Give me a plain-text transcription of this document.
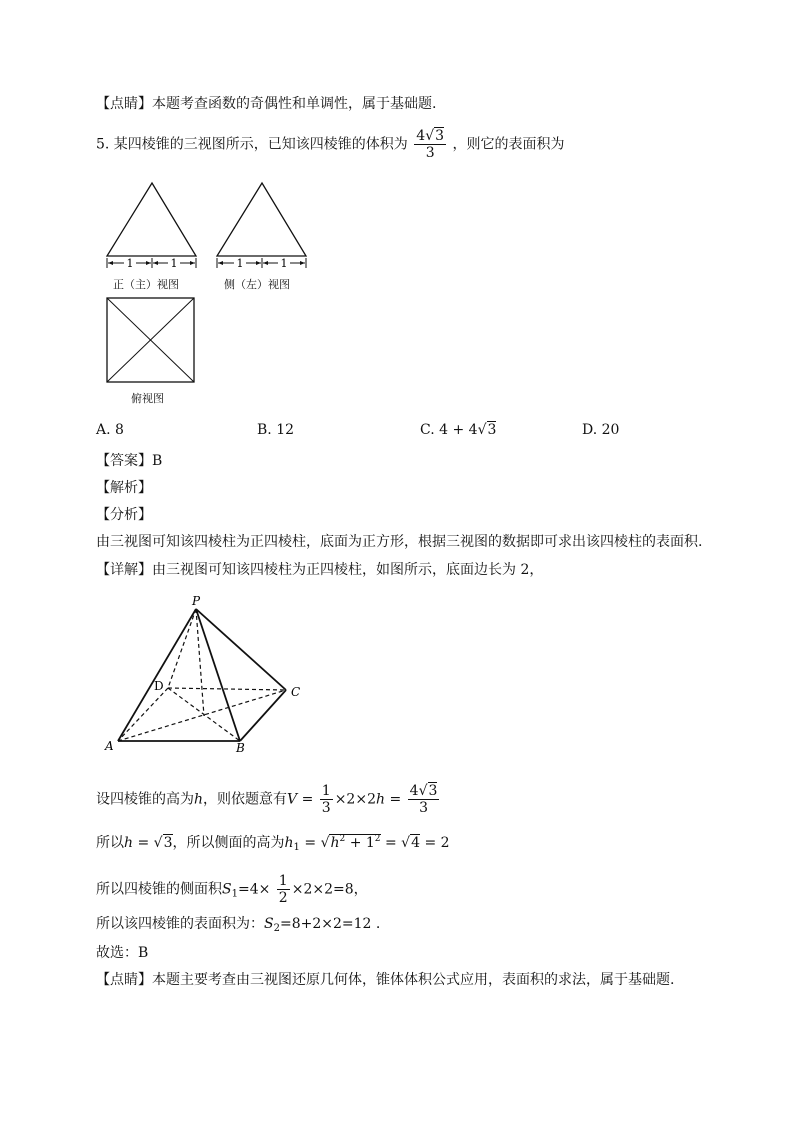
【点睛】本题考查函数的奇偶性和单调性，属于基础题.
5. 某四棱锥的三视图所示，已知该四棱锥的体积为 $\frac{4√3}{3}$ ，则它的表面积为
1	1
正（主）视图
1	1
侧（左）视图
俯视图
A. 8	B. 12	C. 4 + 4√3	D. 20
【答案】B
【解析】
【分析】
由三视图可知该四棱柱为正四棱柱，底面为正方形，根据三视图的数据即可求出该四棱柱的表面积.
【详解】由三视图可知该四棱柱为正四棱柱，如图所示，底面边长为 2，
P
A	B
C
D
设四棱锥的高为h，则依题意有$V = \frac{1}{3} \times 2\times 2h = \frac{4√3}{3}$
所以h = √3，所以侧面的高为$h_1 = √h^2 + 1^2 = √4 = 2$
所以四棱锥的侧面积$S_1=4\times \frac{1}{2} \times 2\times 2=8$，
所以该四棱锥的表面积为：$S_2=8+2\times 2=12$ .
故选：B
【点睛】本题主要考查由三视图还原几何体，锥体体积公式应用，表面积的求法，属于基础题.
